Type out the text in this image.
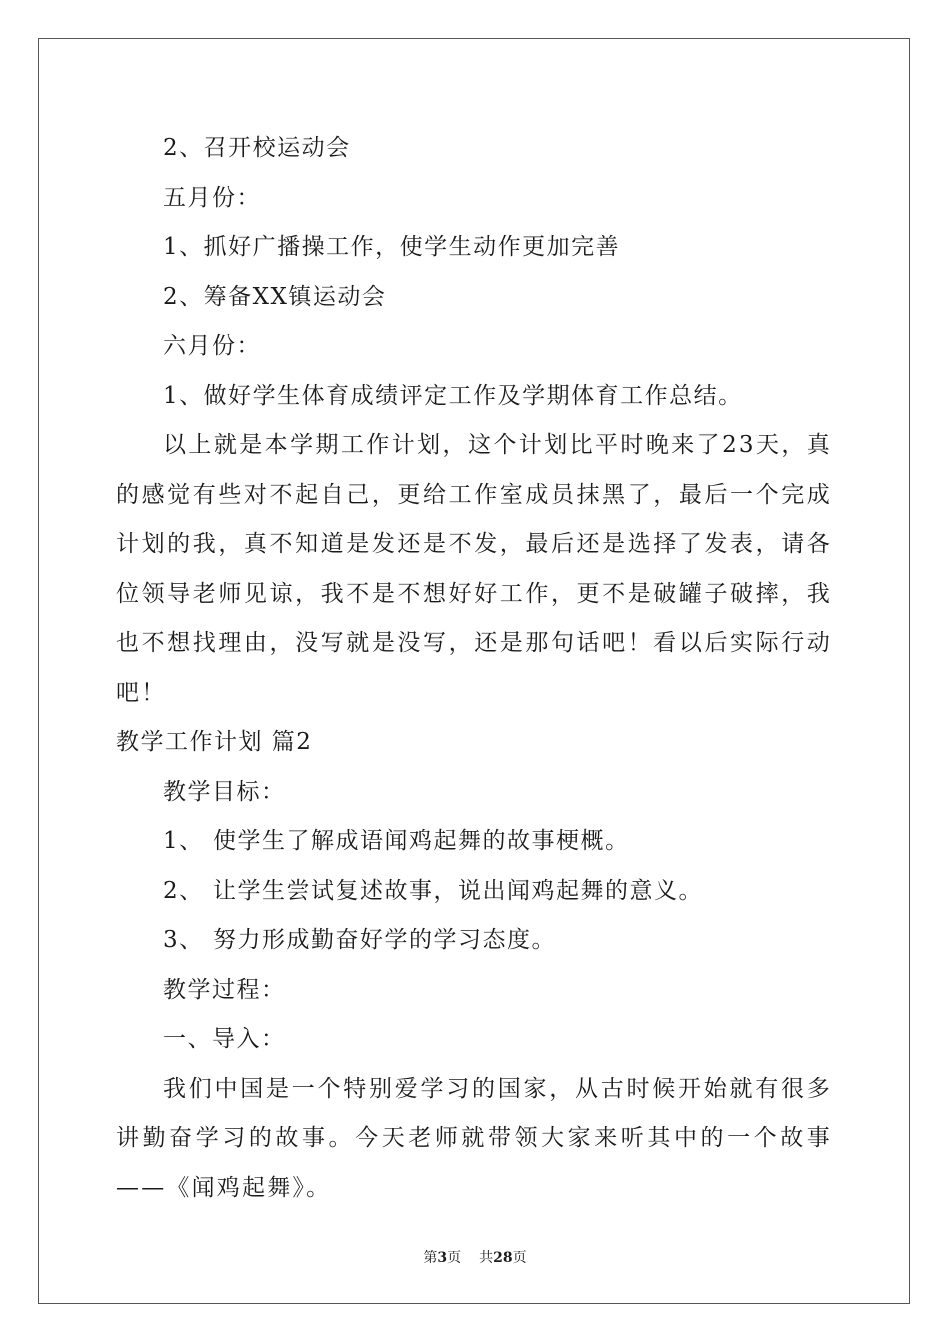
2、召开校运动会

五月份：

1、抓好广播操工作，使学生动作更加完善

2、筹备XX镇运动会

六月份：

1、做好学生体育成绩评定工作及学期体育工作总结。

以上就是本学期工作计划，这个计划比平时晚来了23天，真的感觉有些对不起自己，更给工作室成员抹黑了，最后一个完成计划的我，真不知道是发还是不发，最后还是选择了发表，请各位领导老师见谅，我不是不想好好工作，更不是破罐子破摔，我也不想找理由，没写就是没写，还是那句话吧！看以后实际行动吧！

教学工作计划 篇2

教学目标：

1、 使学生了解成语闻鸡起舞的故事梗概。

2、 让学生尝试复述故事，说出闻鸡起舞的意义。

3、 努力形成勤奋好学的学习态度。

教学过程：

一、导入：

我们中国是一个特别爱学习的国家，从古时候开始就有很多讲勤奋学习的故事。今天老师就带领大家来听其中的一个故事——《闻鸡起舞》。

第3页 共28页
